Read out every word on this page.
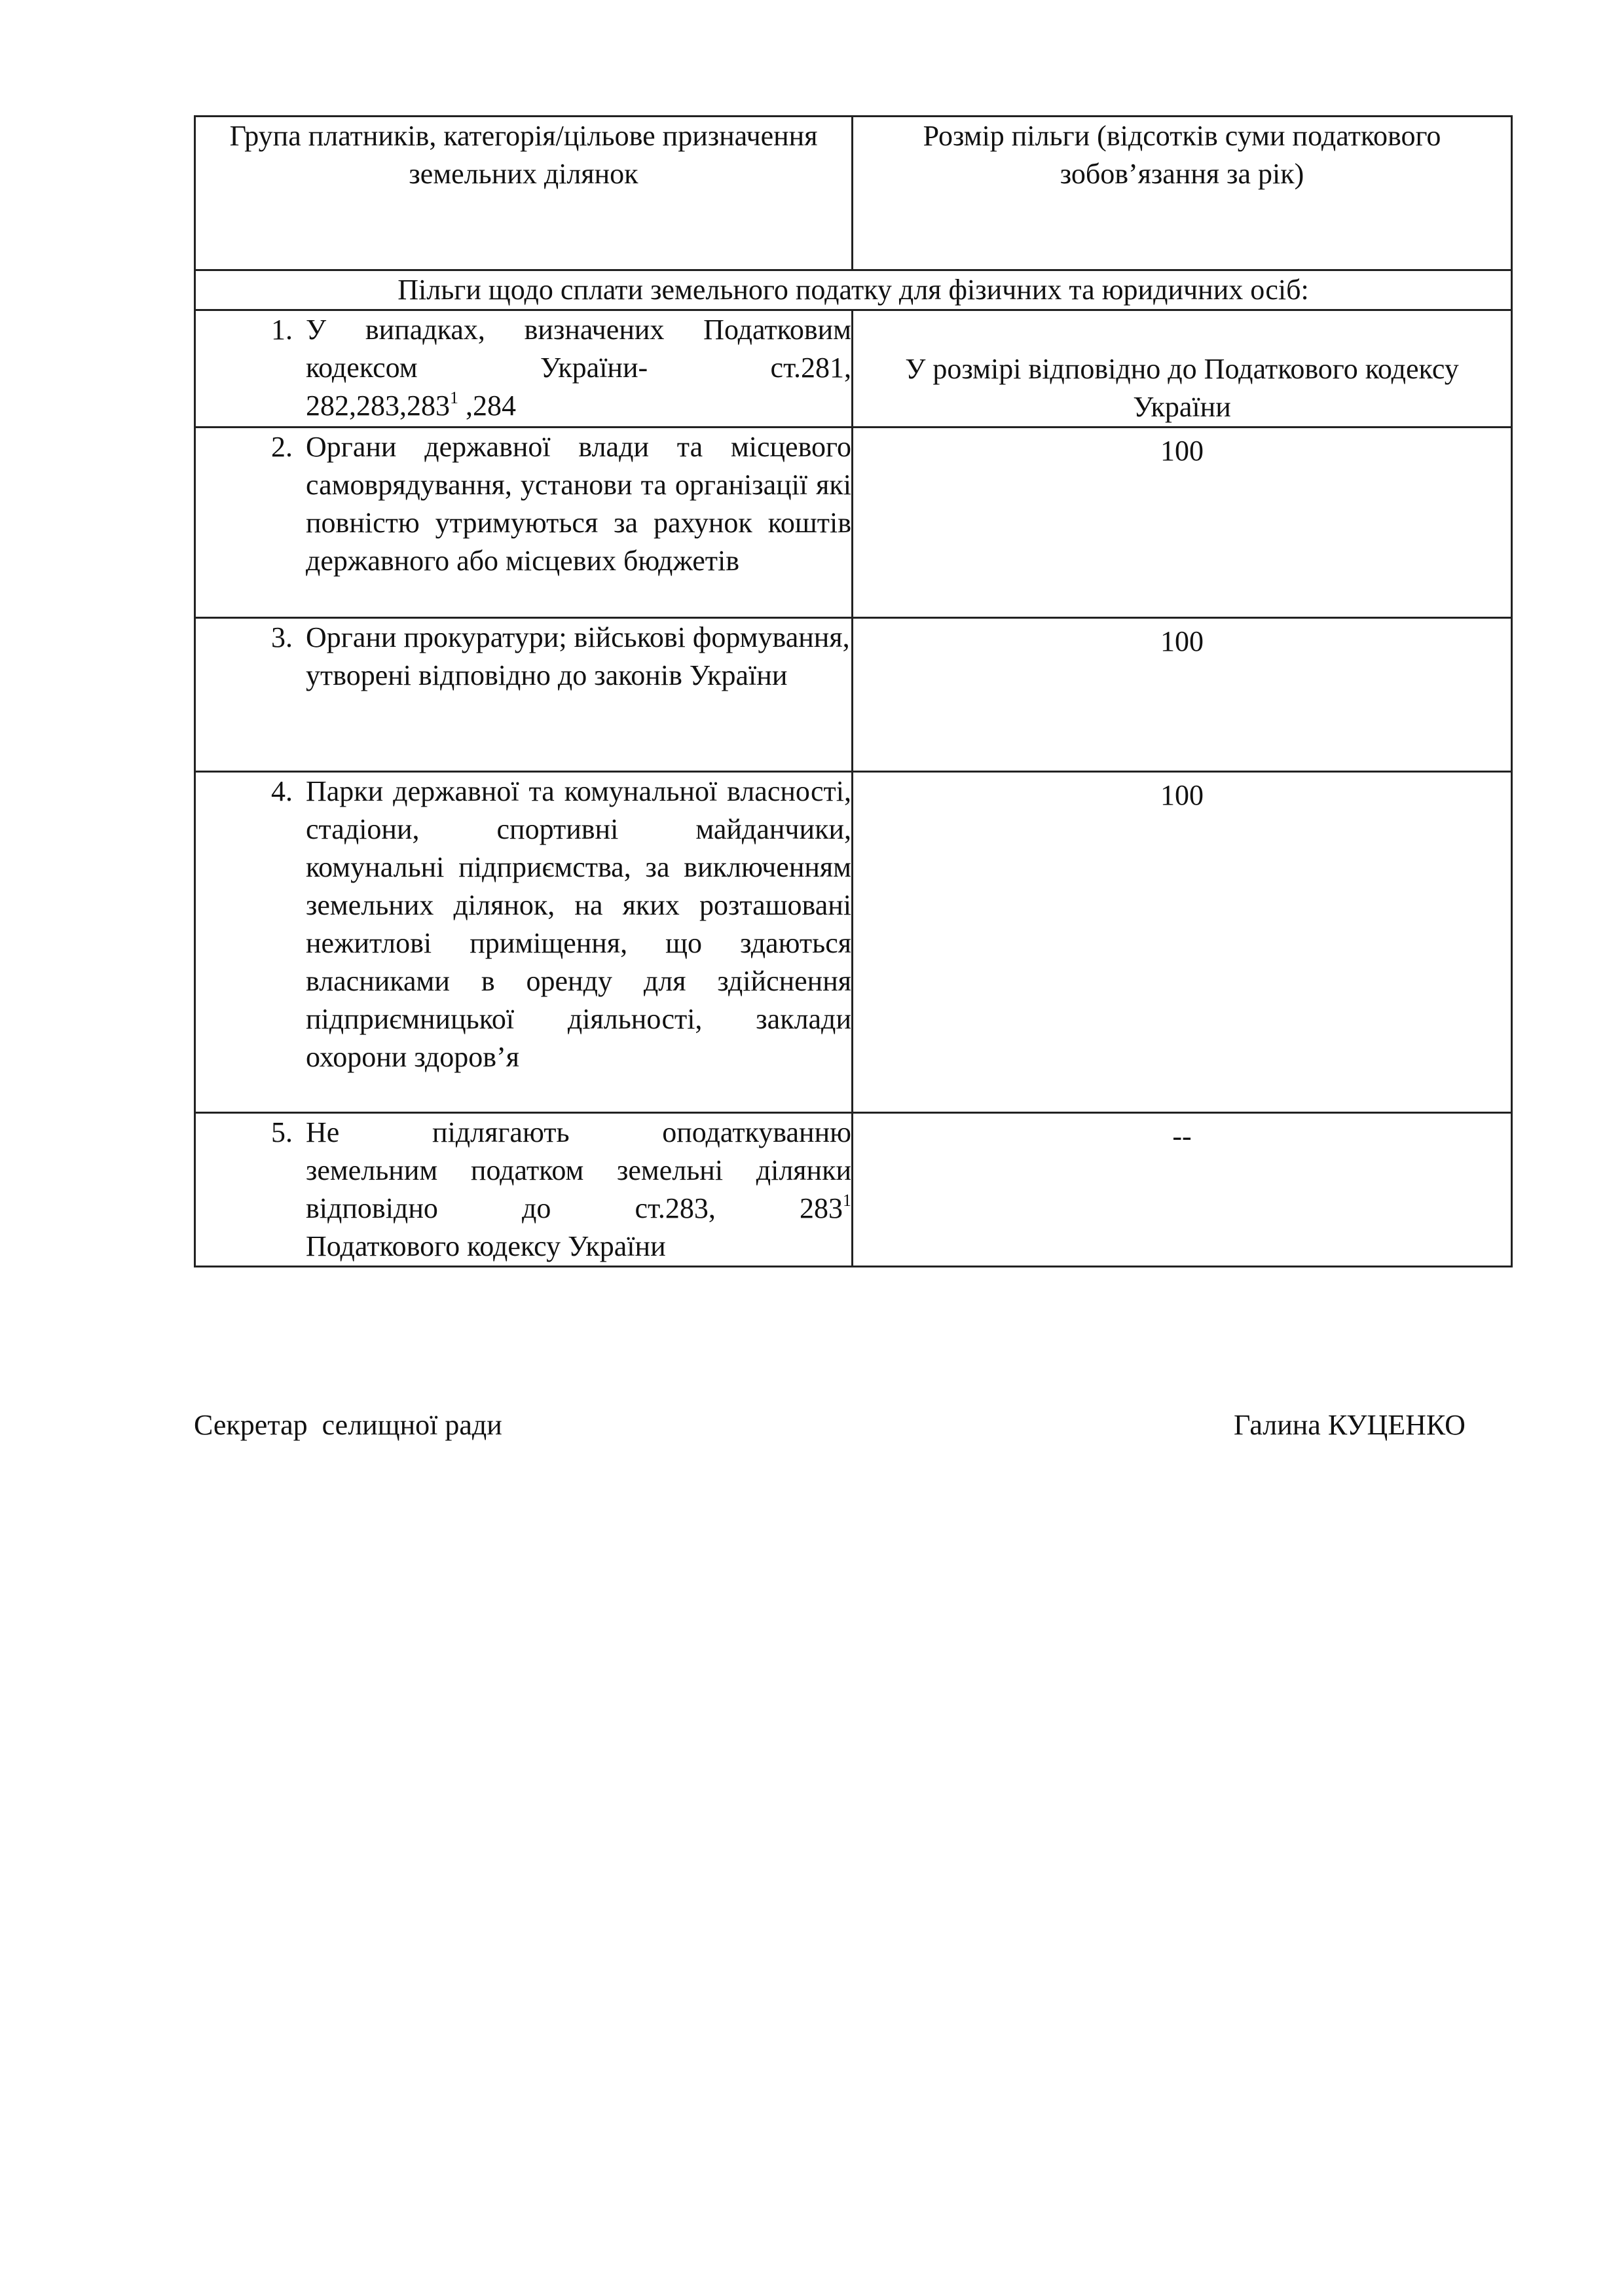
Група платників, категорія/цільове призначення земельних ділянок	Розмір пільги (відсотків суми податкового зобов’язання за рік)
Пільги щодо сплати земельного податку для фізичних та юридичних осіб:	

1. У випадках, визначених Податковим
кодексом України- ст.281,
282,283,283$^1$ ,284	У розмірі відповідно до Податкового кодексу України

2. Органи державної влади та місцевого самоврядування, установи та організації які повністю утримуються за рахунок коштів державного або місцевих бюджетів	100

3. Органи прокуратури; військові формування, утворені відповідно до законів України	100

4. Парки державної та комунальної власності, стадіони, спортивні майданчики, комунальні підприємства, за виключенням земельних ділянок, на яких розташовані нежитлові приміщення, що здаються власниками в оренду для здійснення підприємницької діяльності, заклади охорони здоров’я	100

5. Не підлягають оподаткуванню
земельним податком земельні ділянки
відповідно до ст.283, $283^1$
Податкового кодексу України	--
Секретар  селищної ради	Галина КУЦЕНКО
